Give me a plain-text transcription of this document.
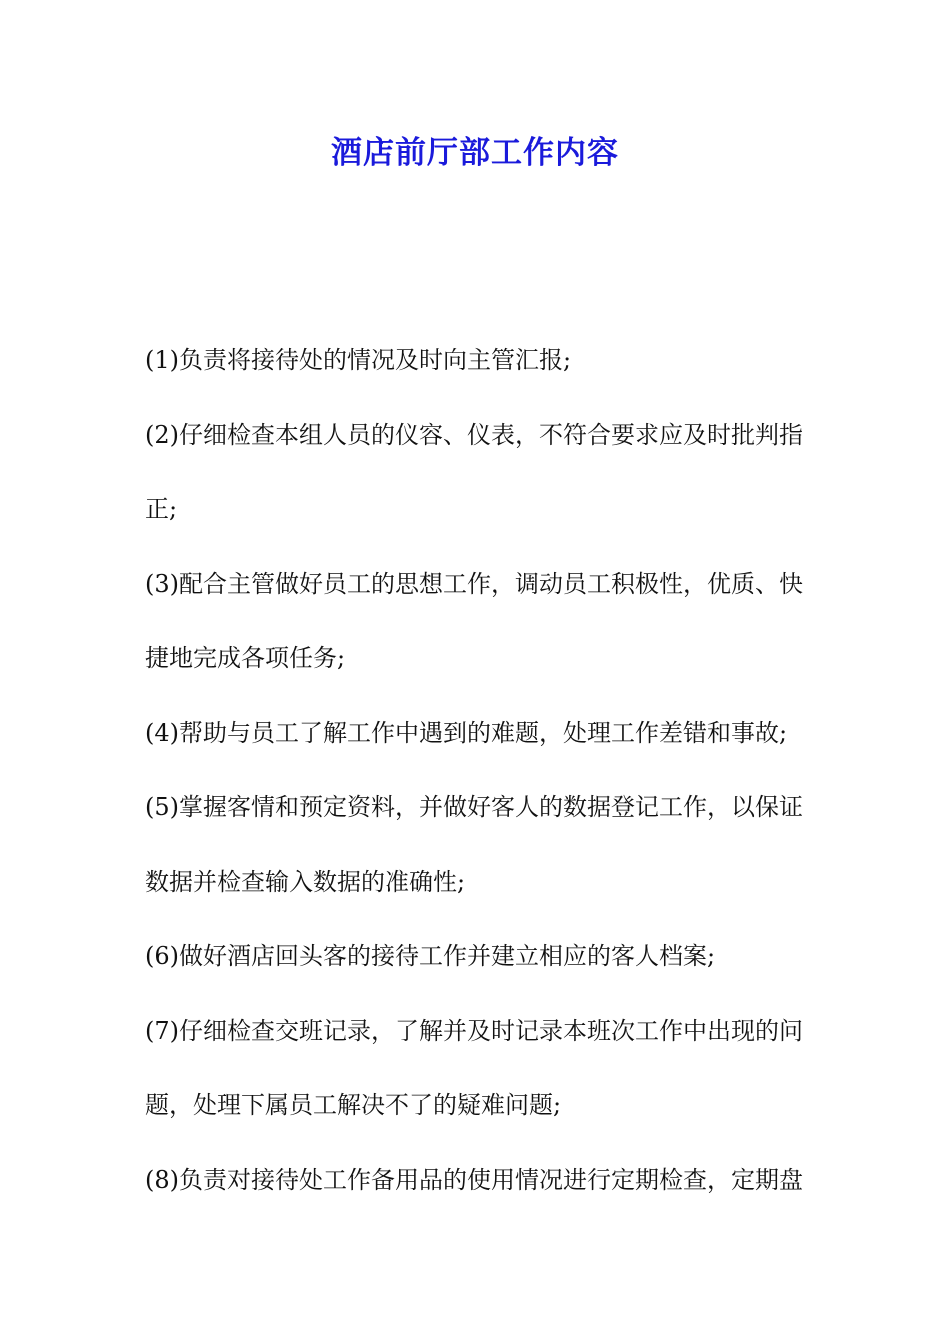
酒店前厅部工作内容

(1)负责将接待处的情况及时向主管汇报;

(2)仔细检查本组人员的仪容、仪表，不符合要求应及时批判指
正;

(3)配合主管做好员工的思想工作，调动员工积极性，优质、快
捷地完成各项任务;

(4)帮助与员工了解工作中遇到的难题，处理工作差错和事故;

(5)掌握客情和预定资料，并做好客人的数据登记工作，以保证
数据并检查输入数据的准确性;

(6)做好酒店回头客的接待工作并建立相应的客人档案;

(7)仔细检查交班记录，了解并及时记录本班次工作中出现的问
题，处理下属员工解决不了的疑难问题;

(8)负责对接待处工作备用品的使用情况进行定期检查，定期盘
